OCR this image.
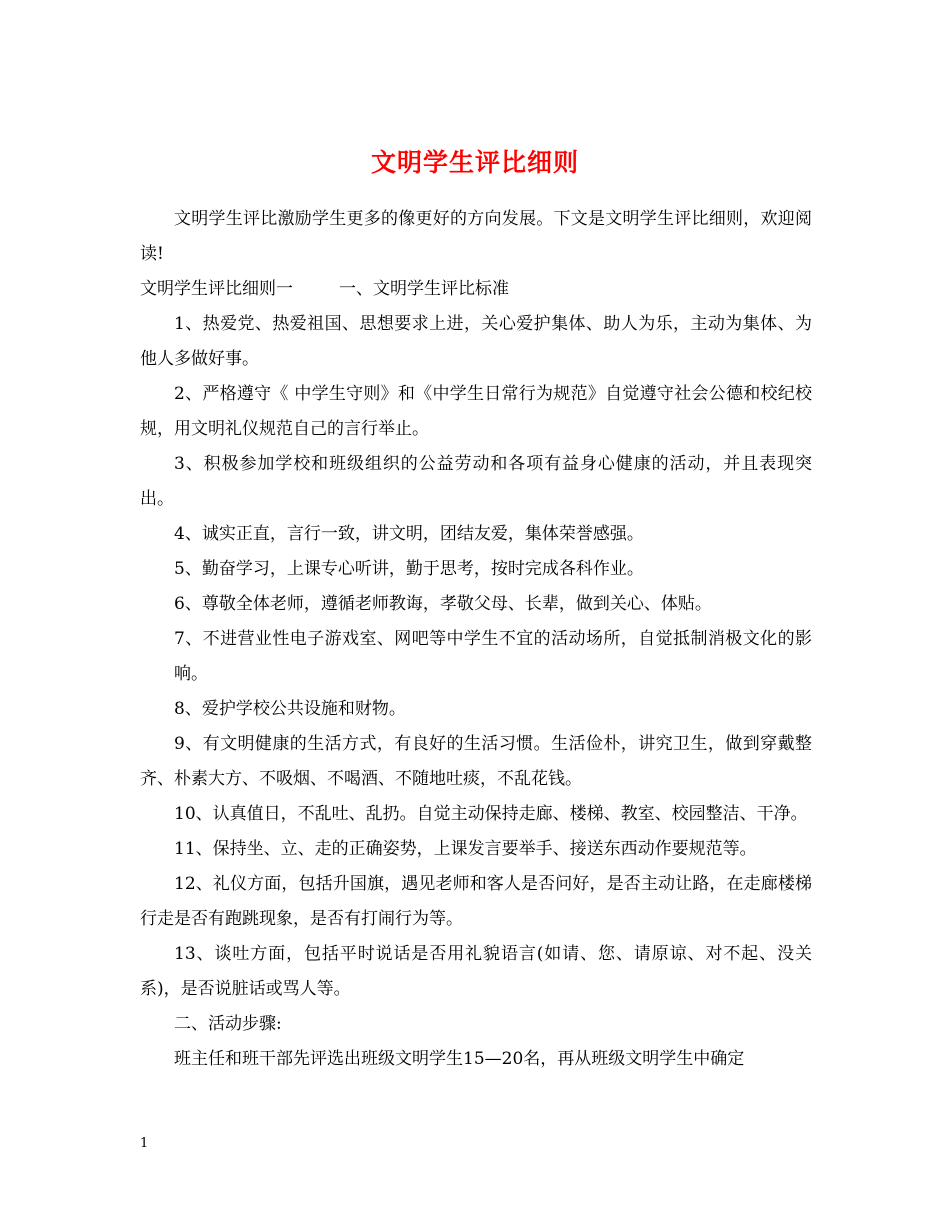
文明学生评比细则

文明学生评比激励学生更多的像更好的方向发展。下文是文明学生评比细则，欢迎阅读!

文明学生评比细则一	一、文明学生评比标准

1、热爱党、热爱祖国、思想要求上进，关心爱护集体、助人为乐，主动为集体、为他人多做好事。

2、严格遵守《 中学生守则》和《中学生日常行为规范》自觉遵守社会公德和校纪校规，用文明礼仪规范自己的言行举止。

3、积极参加学校和班级组织的公益劳动和各项有益身心健康的活动，并且表现突出。

4、诚实正直，言行一致，讲文明，团结友爱，集体荣誉感强。

5、勤奋学习，上课专心听讲，勤于思考，按时完成各科作业。

6、尊敬全体老师，遵循老师教诲，孝敬父母、长辈，做到关心、体贴。

7、不进营业性电子游戏室、网吧等中学生不宜的活动场所，自觉抵制消极文化的影响。

8、爱护学校公共设施和财物。

9、有文明健康的生活方式，有良好的生活习惯。生活俭朴，讲究卫生，做到穿戴整齐、朴素大方、不吸烟、不喝酒、不随地吐痰，不乱花钱。

10、认真值日，不乱吐、乱扔。自觉主动保持走廊、楼梯、教室、校园整洁、干净。

11、保持坐、立、走的正确姿势，上课发言要举手、接送东西动作要规范等。

12、礼仪方面，包括升国旗，遇见老师和客人是否问好，是否主动让路，在走廊楼梯行走是否有跑跳现象，是否有打闹行为等。

13、谈吐方面，包括平时说话是否用礼貌语言(如请、您、请原谅、对不起、没关系)，是否说脏话或骂人等。

二、活动步骤:

班主任和班干部先评选出班级文明学生15—20名，再从班级文明学生中确定

1
